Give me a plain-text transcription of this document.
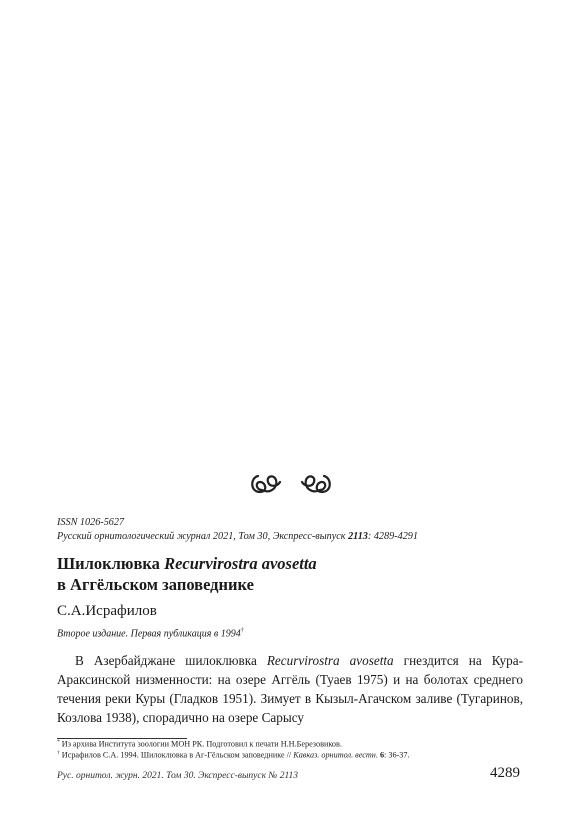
ISSN 1026-5627
Русский орнитологический журнал 2021, Том 30, Экспресс-выпуск 2113: 4289-4291
Шилоклювка Recurvirostra avosetta
в Аггёльском заповеднике
С.А.Исрафилов
Второе издание. Первая публикация в 1994†

В Азербайджане шилоклювка Recurvirostra avosetta гнездится на Кура-Араксинской низменности: на озере Аггёль (Туаев 1975) и на болотах среднего течения реки Куры (Гладков 1951). Зимует в Кызыл-Агачском заливе (Тугаринов, Козлова 1938), спорадично на озере Сарысу

* Из архива Института зоологии МОН РК. Подготовил к печати Н.Н.Березовиков.
† Исрафилов С.А. 1994. Шилоклювка в Аг-Гёльском заповеднике // Кавказ. орнитол. вестн. 6: 36-37.
Рус. орнитол. журн. 2021. Том 30. Экспресс-выпуск № 2113	4289
